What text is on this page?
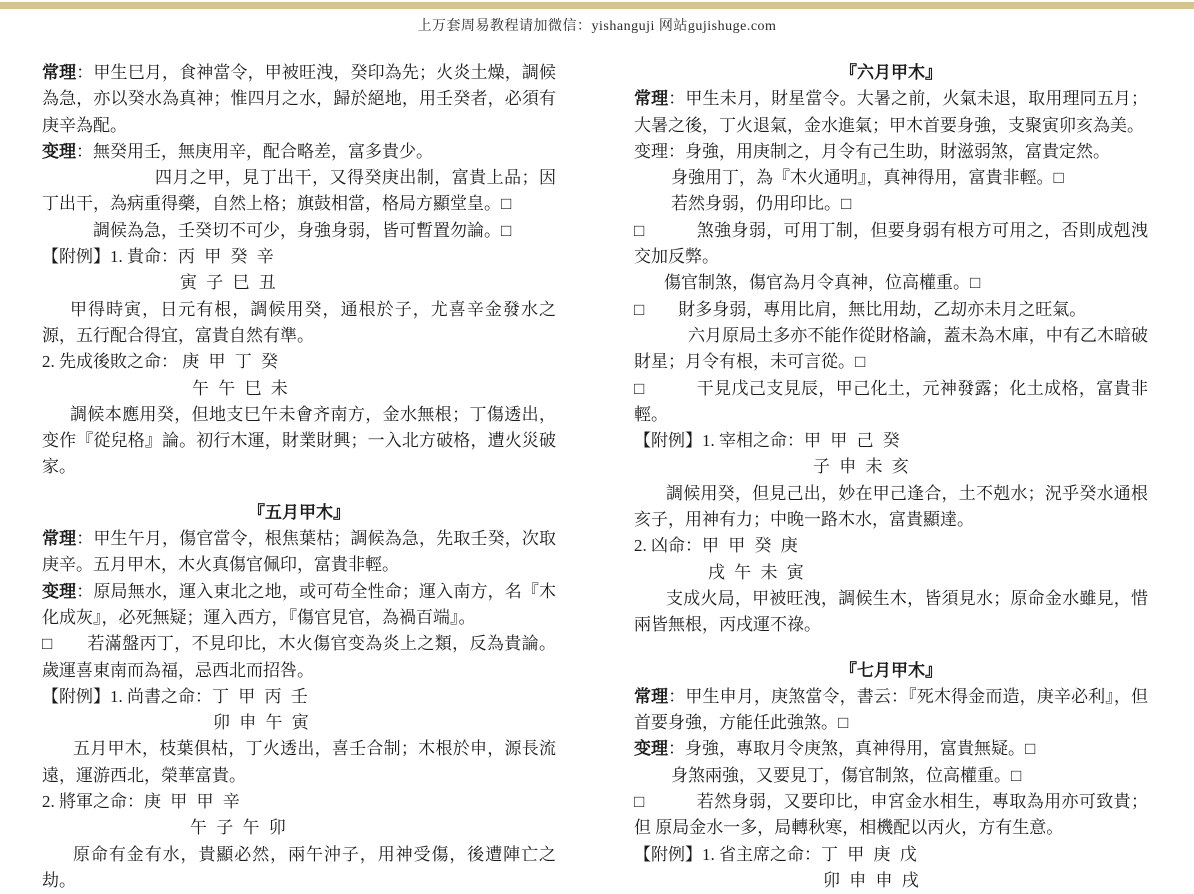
上万套周易教程请加微信：yishanguji 网站gujishuge.com

常理：甲生巳月，食神當令，甲被旺洩，癸印為先；火炎土燥，調候為急，亦以癸水為真神；惟四月之水，歸於絕地，用壬癸者，必須有庚辛為配。

变理：無癸用壬，無庚用辛，配合略差，富多貴少。

四月之甲，見丁出干，又得癸庚出制，富貴上品；因丁出干，為病重得藥，自然上格；旗鼓相當，格局方顯堂皇。□

調候為急，壬癸切不可少，身強身弱，皆可暫置勿論。□

【附例】1. 貴命：丙 甲 癸 辛

寅 子 巳 丑

甲得時寅，日元有根，調候用癸，通根於子，尤喜辛金發水之源，五行配合得宜，富貴自然有準。

2. 先成後敗之命： 庚 甲 丁 癸

午 午 巳 未

調候本應用癸，但地支巳午未會齐南方，金水無根；丁傷透出，变作『從兒格』論。初行木運，財業財興；一入北方破格，遭火災破家。

『五月甲木』

常理：甲生午月，傷官當令，根焦葉枯；調候為急，先取壬癸，次取庚辛。五月甲木，木火真傷官佩印，富貴非輕。

变理：原局無水，運入東北之地，或可苟全性命；運入南方，名『木化成灰』，必死無疑；運入西方，『傷官見官，為禍百端』。

□　　若滿盤丙丁，不見印比，木火傷官变為炎上之類，反為貴論。歲運喜東南而為福，忌西北而招咎。

【附例】1. 尚書之命：丁 甲 丙 壬

卯 申 午 寅

五月甲木，枝葉俱枯，丁火透出，喜壬合制；木根於申，源長流遠，運游西北，榮華富貴。

2. 將軍之命：庚 甲 甲 辛

午 子 午 卯

原命有金有水，貴顯必然，兩午沖子，用神受傷，後遭陣亡之劫。

『六月甲木』

常理：甲生未月，財星當令。大暑之前，火氣未退，取用理同五月；大暑之後，丁火退氣，金水進氣；甲木首要身強，支聚寅卯亥為美。

变理：身強，用庚制之，月令有己生助，財滋弱煞，富貴定然。

身強用丁，為『木火通明』，真神得用，富貴非輕。□

若然身弱，仍用印比。□

□　　　煞強身弱，可用丁制，但要身弱有根方可用之，否則成剋洩交加反弊。

傷官制煞，傷官為月令真神，位高權重。□

□　　財多身弱，專用比肩，無比用劫，乙刧亦未月之旺氣。

六月原局土多亦不能作從財格論，蓋未為木庫，中有乙木暗破財星；月令有根，未可言從。□

□　　　干見戊己支見辰，甲己化土，元神發露；化土成格，富貴非輕。

【附例】1. 宰相之命：甲 甲 己 癸

子 申 未 亥

調候用癸，但見己出，妙在甲己逢合，土不剋水；況乎癸水通根亥子，用神有力；中晚一路木水，富貴顯達。

2. 凶命：甲 甲 癸 庚

戌 午 未 寅

支成火局，甲被旺洩，調候生木，皆須見水；原命金水雖見，惜兩皆無根，丙戌運不祿。

『七月甲木』

常理：甲生申月，庚煞當令，書云：『死木得金而造，庚辛必利』，但首要身強，方能任此強煞。□

变理：身強，專取月令庚煞，真神得用，富貴無疑。□

身煞兩強，又要見丁，傷官制煞，位高權重。□

□　　　若然身弱，又要印比，申宮金水相生，專取為用亦可致貴；但 原局金水一多，局轉秋寒，相機配以丙火，方有生意。

【附例】1. 省主席之命：丁 甲 庚 戊

卯 申 申 戌
